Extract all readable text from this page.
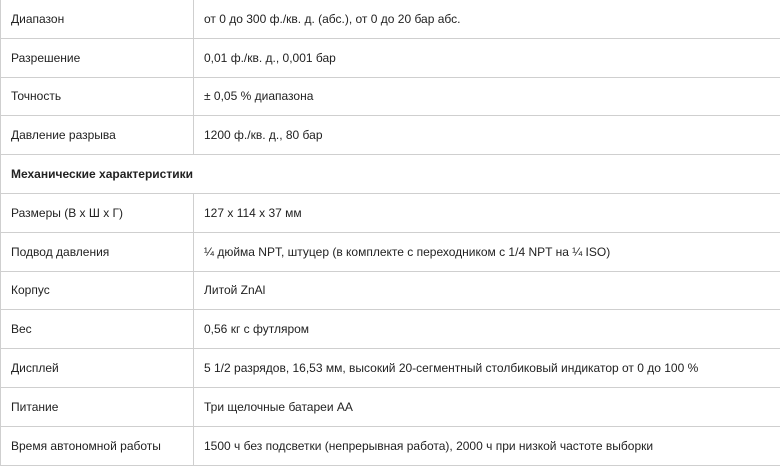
Диапазон	от 0 до 300 ф./кв. д. (абс.), от 0 до 20 бар абс.
Разрешение	0,01 ф./кв. д., 0,001 бар
Точность	± 0,05 % диапазона
Давление разрыва	1200 ф./кв. д., 80 бар
Механические характеристики	
Размеры (В x Ш x Г)	127 x 114 x 37 мм
Подвод давления	¼ дюйма NPT, штуцер (в комплекте с переходником с 1/4 NPT на ¼ ISO)
Корпус	Литой ZnAl
Вес	0,56 кг с футляром
Дисплей	5 1/2 разрядов, 16,53 мм, высокий 20-сегментный столбиковый индикатор от 0 до 100 %
Питание	Три щелочные батареи АА
Время автономной работы	1500 ч без подсветки (непрерывная работа), 2000 ч при низкой частоте выборки
